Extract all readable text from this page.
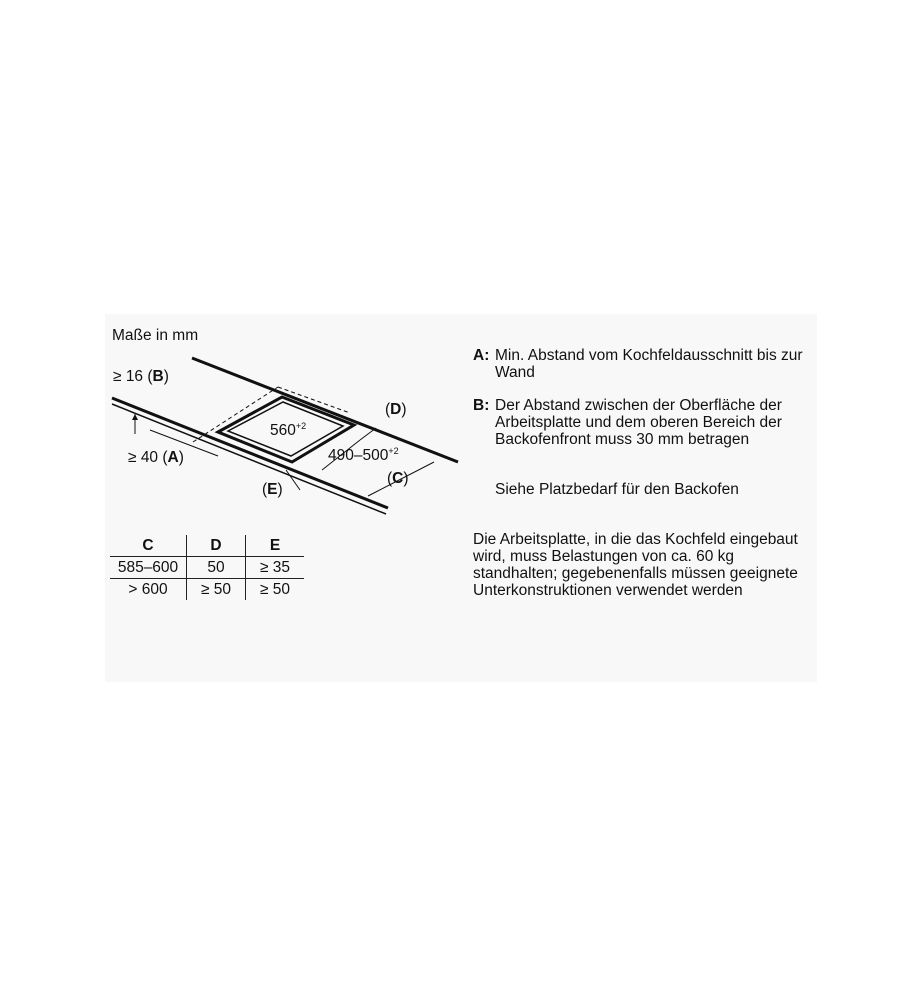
Maße in mm
≥ 16 (B)
≥ 40 (A)
(E)
(D)
(C)
$560^{+2}$
$490-500^{+2}$
C	D	E
585–600	50	≥ 35
> 600	≥ 50	≥ 50
A: Min. Abstand vom Kochfeldausschnitt bis zur Wand
B: Der Abstand zwischen der Oberfläche der Arbeitsplatte und dem oberen Bereich der Backofenfront muss 30 mm betragen
Siehe Platzbedarf für den Backofen
Die Arbeitsplatte, in die das Kochfeld eingebaut wird, muss Belastungen von ca. 60 kg standhalten; gegebenenfalls müssen geeignete Unterkonstruktionen verwendet werden
